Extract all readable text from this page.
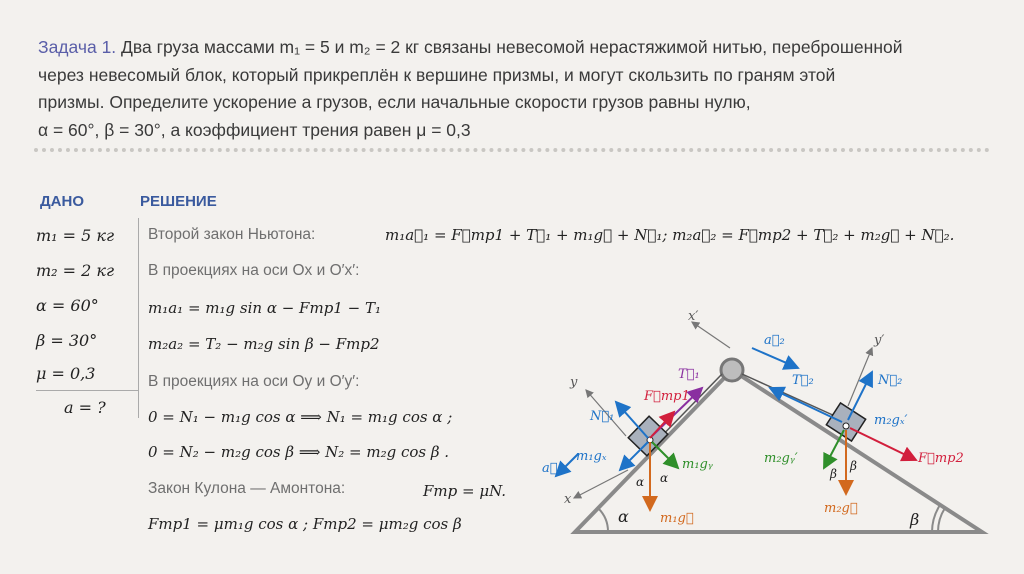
Задача 1. Два груза массами m₁ = 5 и m₂ = 2 кг связаны невесомой нерастяжимой нитью, переброшенной
через невесомый блок, который прикреплён к вершине призмы, и могут скользить по граням этой
призмы. Определите ускорение a грузов, если начальные скорости грузов равны нулю,
α = 60°, β = 30°, а коэффициент трения равен μ = 0,3
ДАНО	РЕШЕНИЕ
m₁ = 5 кг
m₂ = 2 кг
α = 60°
β = 30°
μ = 0,3
a = ?
Второй закон Ньютона:	m₁a⃗₁ = F⃗тр1 + T⃗₁ + m₁g⃗ + N⃗₁; m₂a⃗₂ = F⃗тр2 + T⃗₂ + m₂g⃗ + N⃗₂.
В проекциях на оси Ox и O′x′:
m₁a₁ = m₁g sin α − Fтр1 − T₁
m₂a₂ = T₂ − m₂g sin β − Fтр2
В проекциях на оси Oy и O′y′:
0 = N₁ − m₁g cos α ⟹ N₁ = m₁g cos α ;
0 = N₂ − m₂g cos β ⟹ N₂ = m₂g cos β .
Закон Кулона — Амонтона:	Fтр = μN.
Fтр1 = μm₁g cos α ; Fтр2 = μm₂g cos β	α	β
x′
x
y
y′
N⃗₁
T⃗₁
F⃗тр1
m₁gₓ
m₁gᵧ
m₁g⃗
α α
a⃗₁
T⃗₂	N⃗₂
F⃗тр2
m₂gₓ′
m₂gᵧ′
m₂g⃗
β
β
a⃗₂
